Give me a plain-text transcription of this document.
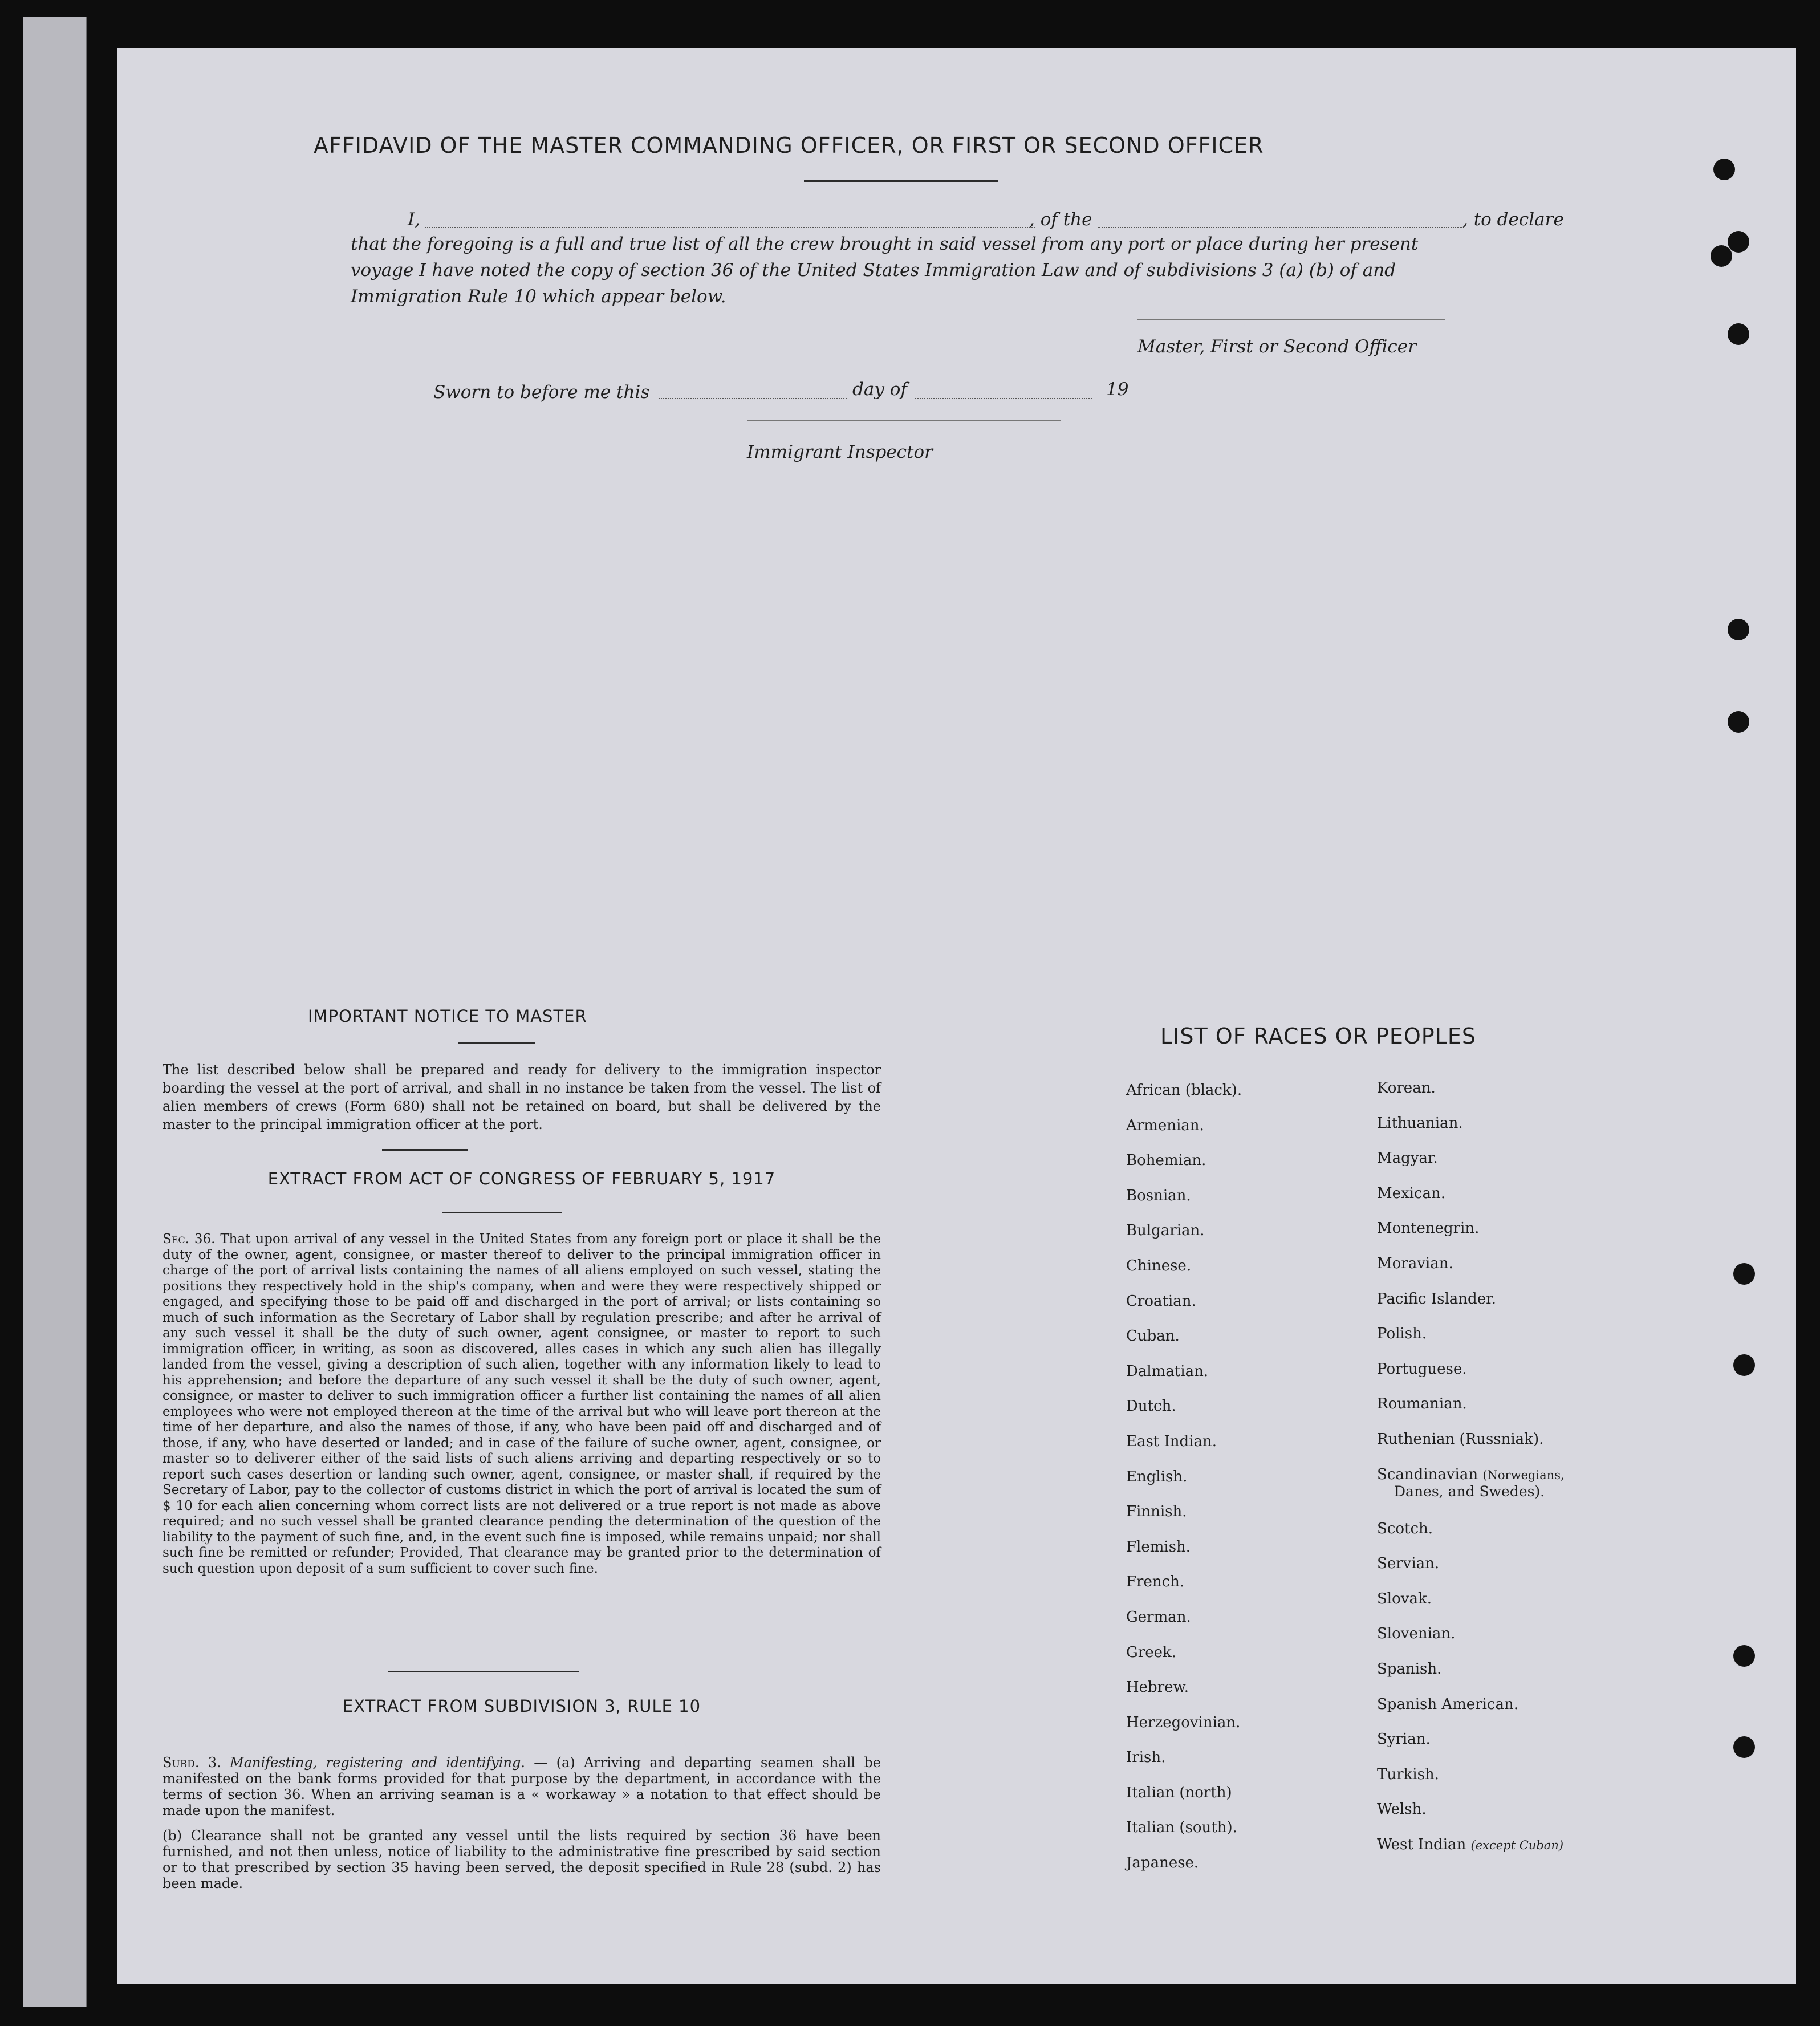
AFFIDAVID OF THE MASTER COMMANDING OFFICER, OR FIRST OR SECOND OFFICER
I,	, of the	, to declare
that the foregoing is a full and true list of all the crew brought in said vessel from any port or place during her present voyage I have noted the copy of section 36 of the United States Immigration Law and of subdivisions 3 (a) (b) of and Immigration Rule 10 which appear below.
Master, First or Second Officer
Sworn to before me this	day of	19
Immigrant Inspector
IMPORTANT NOTICE TO MASTER
The list described below shall be prepared and ready for delivery to the immigration inspector boarding the vessel at the port of arrival, and shall in no instance be taken from the vessel. The list of alien members of crews (Form 680) shall not be retained on board, but shall be delivered by the master to the principal immigration officer at the port.
EXTRACT FROM ACT OF CONGRESS OF FEBRUARY 5, 1917
Sec. 36. That upon arrival of any vessel in the United States from any foreign port or place it shall be the duty of the owner, agent, consignee, or master thereof to deliver to the principal immigration officer in charge of the port of arrival lists containing the names of all aliens employed on such vessel, stating the positions they respectively hold in the ship's company, when and were they were respectively shipped or engaged, and specifying those to be paid off and discharged in the port of arrival; or lists containing so much of such information as the Secretary of Labor shall by regulation prescribe; and after he arrival of any such vessel it shall be the duty of such owner, agent consignee, or master to report to such immigration officer, in writing, as soon as discovered, alles cases in which any such alien has illegally landed from the vessel, giving a description of such alien, together with any information likely to lead to his apprehension; and before the departure of any such vessel it shall be the duty of such owner, agent, consignee, or master to deliver to such immigration officer a further list containing the names of all alien employees who were not employed thereon at the time of the arrival but who will leave port thereon at the time of her departure, and also the names of those, if any, who have been paid off and discharged and of those, if any, who have deserted or landed; and in case of the failure of suche owner, agent, consignee, or master so to deliverer either of the said lists of such aliens arriving and departing respectively or so to report such cases desertion or landing such owner, agent, consignee, or master shall, if required by the Secretary of Labor, pay to the collector of customs district in which the port of arrival is located the sum of $ 10 for each alien concerning whom correct lists are not delivered or a true report is not made as above required; and no such vessel shall be granted clearance pending the determination of the question of the liability to the payment of such fine, and, in the event such fine is imposed, while remains unpaid; nor shall such fine be remitted or refunder; Provided, That clearance may be granted prior to the determination of such question upon deposit of a sum sufficient to cover such fine.
EXTRACT FROM SUBDIVISION 3, RULE 10
Subd. 3. Manifesting, registering and identifying. — (a) Arriving and departing seamen shall be manifested on the bank forms provided for that purpose by the department, in accordance with the terms of section 36. When an arriving seaman is a « workaway » a notation to that effect should be made upon the manifest.
(b) Clearance shall not be granted any vessel until the lists required by section 36 have been furnished, and not then unless, notice of liability to the administrative fine prescribed by said section or to that prescribed by section 35 having been served, the deposit specified in Rule 28 (subd. 2) has been made.
LIST OF RACES OR PEOPLES
African (black).
Armenian.
Bohemian.
Bosnian.
Bulgarian.
Chinese.
Croatian.
Cuban.
Dalmatian.
Dutch.
East Indian.
English.
Finnish.
Flemish.
French.
German.
Greek.
Hebrew.
Herzegovinian.
Irish.
Italian (north)
Italian (south).
Japanese.
Korean.
Lithuanian.
Magyar.
Mexican.
Montenegrin.
Moravian.
Pacific Islander.
Polish.
Portuguese.
Roumanian.
Ruthenian (Russniak).
Scandinavian (Norwegians,
Danes, and Swedes).
Scotch.
Servian.
Slovak.
Slovenian.
Spanish.
Spanish American.
Syrian.
Turkish.
Welsh.
West Indian (except Cuban)
